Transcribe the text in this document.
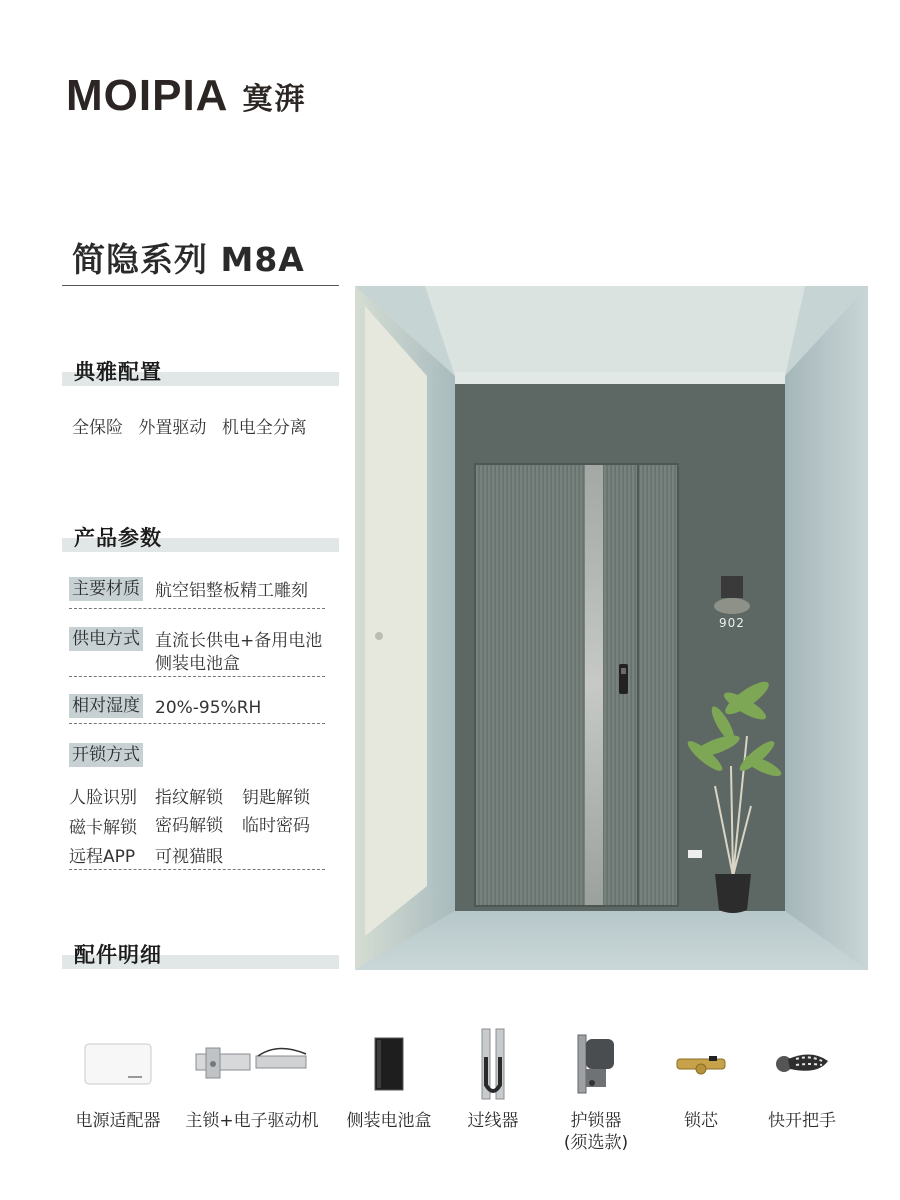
MOIPIA 寞湃
简隐系列 M8A
典雅配置
全保险 外置驱动 机电全分离
产品参数
主要材质 航空铝整板精工雕刻
供电方式 直流长供电+备用电池
侧装电池盒
相对湿度 20%-95%RH
开锁方式
人脸识别 指纹解锁 钥匙解锁
磁卡解锁 密码解锁 临时密码
远程APP 可视猫眼
配件明细
902
电源适配器	主锁+电子驱动机	侧装电池盒	过线器	护锁器
(须选款)
锁芯	快开把手
